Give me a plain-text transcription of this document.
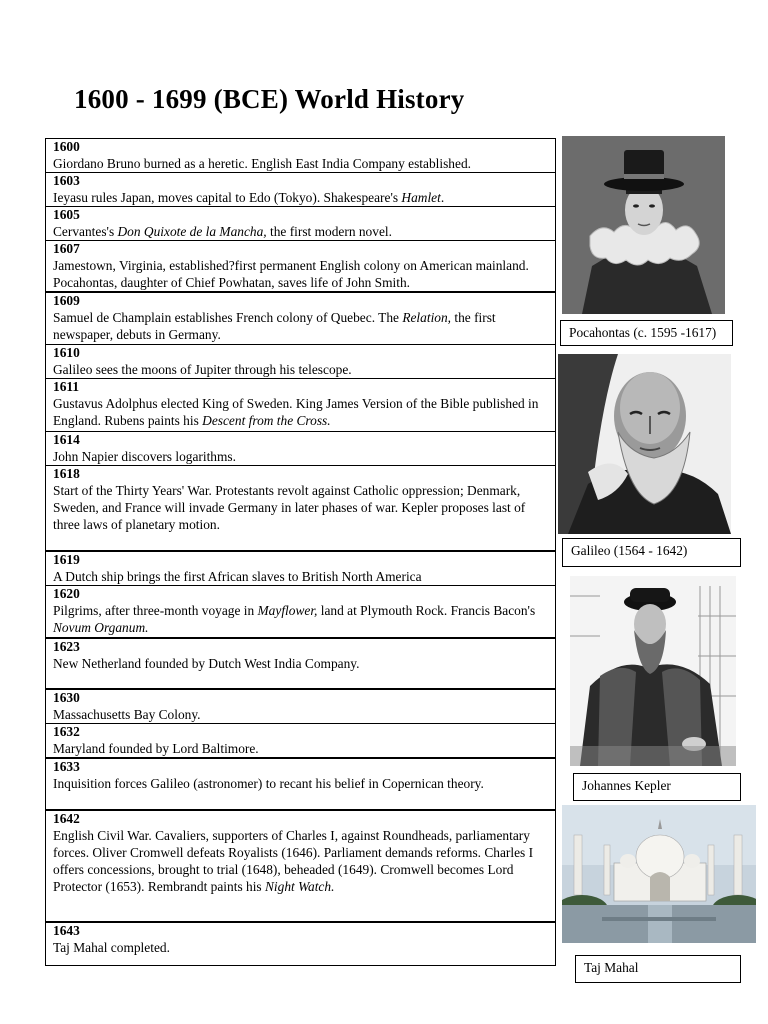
1600 - 1699 (BCE) World History
1600
Giordano Bruno burned as a heretic. English East India Company established.
1603
Ieyasu rules Japan, moves capital to Edo (Tokyo). Shakespeare's Hamlet.
1605
Cervantes's Don Quixote de la Mancha, the first modern novel.
1607
Jamestown, Virginia, established?first permanent English colony on American mainland. Pocahontas, daughter of Chief Powhatan, saves life of John Smith.
1609
Samuel de Champlain establishes French colony of Quebec. The Relation, the first newspaper, debuts in Germany.
1610
Galileo sees the moons of Jupiter through his telescope.
1611
Gustavus Adolphus elected King of Sweden. King James Version of the Bible published in England. Rubens paints his Descent from the Cross.
1614
John Napier discovers logarithms.
1618
Start of the Thirty Years' War. Protestants revolt against Catholic oppression; Denmark, Sweden, and France will invade Germany in later phases of war. Kepler proposes last of three laws of planetary motion.
1619
A Dutch ship brings the first African slaves to British North America
1620
Pilgrims, after three-month voyage in Mayflower, land at Plymouth Rock. Francis Bacon's Novum Organum.
1623
New Netherland founded by Dutch West India Company.
1630
Massachusetts Bay Colony.
1632
Maryland founded by Lord Baltimore.
1633
Inquisition forces Galileo (astronomer) to recant his belief in Copernican theory.
1642
English Civil War. Cavaliers, supporters of Charles I, against Roundheads, parliamentary forces. Oliver Cromwell defeats Royalists (1646). Parliament demands reforms. Charles I offers concessions, brought to trial (1648), beheaded (1649). Cromwell becomes Lord Protector (1653). Rembrandt paints his Night Watch.
1643
Taj Mahal completed.
Pocahontas (c. 1595 -1617)
Galileo (1564 - 1642)
Johannes Kepler
Taj Mahal
